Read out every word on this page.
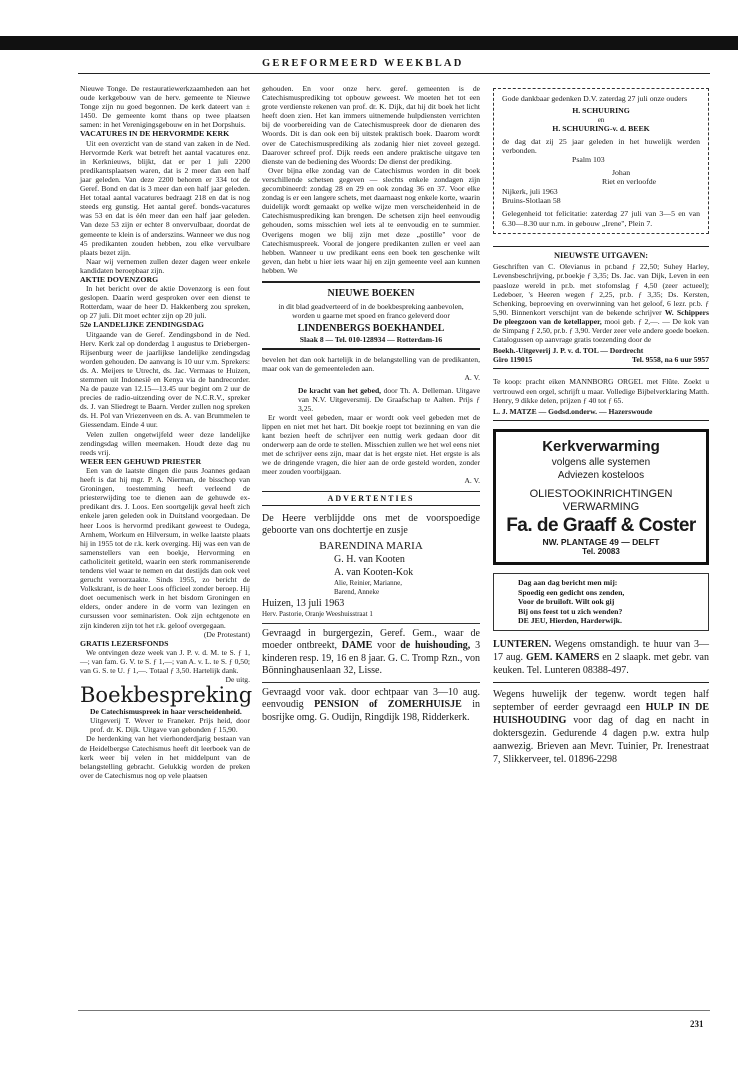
GEREFORMEERD WEEKBLAD

Nieuwe Tonge. De restauratiewerkzaamheden aan het oude kerkgebouw van de herv. gemeente te Nieuwe Tonge zijn nu goed begonnen. De kerk dateert van ± 1450. De gemeente komt thans op twee plaatsen samen: in het Verenigingsgebouw en in het Dorpshuis.

VACATURES IN DE HERVORMDE KERK

Uit een overzicht van de stand van zaken in de Ned. Hervormde Kerk wat betreft het aantal vacatures enz. in Kerknieuws, blijkt, dat er per 1 juli 2200 predikantsplaatsen waren, dat is 2 meer dan een half jaar geleden. Van deze 2200 behoren er 334 tot de Geref. Bond en dat is 3 meer dan een half jaar geleden. Het totaal aantal vacatures bedraagt 218 en dat is nog steeds erg gunstig. Het aantal geref. bonds-vacatures was 53 en dat is één meer dan een half jaar geleden. Van deze 53 zijn er echter 8 onvervulbaar, doordat de gemeente te klein is of anderszins. Wanneer we dus nog 45 predikanten zouden hebben, zou elke vervulbare plaats bezet zijn.

Naar wij vernemen zullen dezer dagen weer enkele kandidaten beroepbaar zijn.

AKTIE DOVENZORG

In het bericht over de aktie Dovenzorg is een fout geslopen. Daarin werd gesproken over een dienst te Rotterdam, waar de heer D. Hakkenberg zou spreken, op 27 juli. Dit moet echter zijn op 20 juli.

52e LANDELIJKE ZENDINGSDAG

Uitgaande van de Geref. Zendingsbond in de Ned. Herv. Kerk zal op donderdag 1 augustus te Driebergen-Rijsenburg weer de jaarlijkse landelijke zendingsdag worden gehouden. De aanvang is 10 uur v.m. Sprekers: ds. A. Meijers te Utrecht, ds. Jac. Vermaas te Huizen, stemmen uit Indonesië en Kenya via de bandrecorder. Na de pauze van 12.15—13.45 uur begint om 2 uur de precies de radio-uitzending over de N.C.R.V., spreker ds. J. van Sliedregt te Baarn. Verder zullen nog spreken ds. H. Pol van Vriezenveen en ds. A. van Brummelen te Giessendam. Einde 4 uur.

Velen zullen ongetwijfeld weer deze landelijke zendingsdag willen meemaken. Houdt deze dag nu reeds vrij.

WEER EEN GEHUWD PRIESTER

Een van de laatste dingen die paus Joannes gedaan heeft is dat hij mgr. P. A. Nierman, de bisschop van Groningen, toestemming heeft verleend de priesterwijding toe te dienen aan de gehuwde ex-predikant drs. J. Loos. Een soortgelijk geval heeft zich enkele jaren geleden ook in Duitsland voorgedaan. De heer Loos is hervormd predikant geweest te Oudega, Arnhem, Workum en Hilversum, in welke laatste plaats hij in 1955 tot de r.k. kerk overging. Hij was een van de samenstellers van een boekje, Hervorming en catholiciteit getiteld, waarin een sterk rommaniserende tendens viel waar te nemen en dat destijds dan ook veel gerucht veroorzaakte. Sinds 1955, zo bericht de Volkskrant, is de heer Loos officieel zonder beroep. Hij doet oecumenisch werk in het bisdom Groningen en elders, onder andere in de vorm van lezingen en cursussen voor seminaristen. Ook zijn echtgenote en zijn kinderen zijn tot het r.k. geloof overgegaan.

(De Protestant)

GRATIS LEZERSFONDS

We ontvingen deze week van J. P. v. d. M. te S. ƒ 1,—; van fam. G. V. te S. ƒ 1,—; van A. v. L. te S. ƒ 0,50; van G. S. te U. ƒ 1,—. Totaal ƒ 3,50. Hartelijk dank.

De uitg.

Boekbespreking

De Catechismuspreek in haar verscheidenheid.

Uitgeverij T. Wever te Franeker. Prijs heid, door prof. dr. K. Dijk. Uitgave van gebonden ƒ 15,90.

De herdenking van het vierhonderdjarig bestaan van de Heidelbergse Catechismus heeft dit leerboek van de kerk weer bij velen in het middelpunt van de belangstelling gebracht. Gelukkig worden de preken over de Catechismus nog op vele plaatsen

gehouden. En voor onze herv. geref. gemeenten is de Catechismusprediking tot opbouw geweest. We moeten het tot een grote verdienste rekenen van prof. dr. K. Dijk, dat hij dit boek het licht heeft doen zien. Het kan immers uitnemende hulpdiensten verrichten bij de voorbereiding van de Catechismuspreek door de dienaren des Woords. Dit is dan ook een bij uitstek praktisch boek. Daarom wordt over de Catechismusprediking als zodanig hier niet zoveel gezegd. Daarover schreef prof. Dijk reeds een andere praktische uitgave ten dienste van de bediening des Woords: De dienst der prediking.

Over bijna elke zondag van de Catechismus worden in dit boek verschillende schetsen gegeven — slechts enkele zondagen zijn gecombineerd: zondag 28 en 29 en ook zondag 36 en 37. Voor elke zondag is er een langere schets, met daarnaast nog enkele korte, waarin duidelijk wordt gemaakt op welke wijze men verscheidenheid in de Catechismusprediking kan brengen. De schetsen zijn heel eenvoudig gehouden, soms misschien wel iets al te eenvoudig en te summier. Overigens mogen we blij zijn met deze „postille" voor de Catechismuspreek. Vooral de jongere predikanten zullen er veel aan hebben. Wanneer u uw predikant eens een boek ten geschenke wilt geven, dan hebt u hier iets waar hij en zijn gemeente veel aan kunnen hebben. We

NIEUWE BOEKEN
in dit blad geadverteerd of in de boekbespreking aanbevolen, worden u gaarne met spoed en franco geleverd door
LINDENBERGS BOEKHANDEL
Slaak 8 — Tel. 010-128934 — Rotterdam-16

bevelen het dan ook hartelijk in de belangstelling van de predikanten, maar ook van de gemeenteleden aan.

A. V.

De kracht van het gebed, door Th. A. Delleman. Uitgave van N.V. Uitgeversmij. De Graafschap te Aalten. Prijs ƒ 3,25.

Er wordt veel gebeden, maar er wordt ook veel gebeden met de lippen en niet met het hart. Dit boekje roept tot bezinning en van die kant bezien heeft de schrijver een nuttig werk gedaan door dit onderwerp aan de orde te stellen. Misschien zullen we het wel eens niet met de schrijver eens zijn, maar dat is het ergste niet. Het ergste is als we de dringende vragen, die hier aan de orde gesteld worden, zonder meer zouden voorbijgaan.

A. V.

ADVERTENTIES
De Heere verblijdde ons met de voorspoedige geboorte van ons dochtertje en zusje
BARENDINA MARIA
G. H. van Kooten
A. van Kooten-Kok
Alie, Reinier, Marianne,
Barend, Anneke
Huizen, 13 juli 1963
Herv. Pastorie, Oranje Weeshuisstraat 1
Gevraagd in burgergezin, Geref. Gem., waar de moeder ontbreekt, DAME voor de huishouding, 3 kinderen resp. 19, 16 en 8 jaar. G. C. Tromp Rzn., von Bönninghausenlaan 32, Lisse.
Gevraagd voor vak. door echtpaar van 3—10 aug. eenvoudig PENSION of ZOMERHUISJE in bosrijke omg. G. Oudijn, Ringdijk 198, Ridderkerk.
Gode dankbaar gedenken D.V. zaterdag 27 juli onze ouders
H. SCHUURING
en
H. SCHUURING-v. d. BEEK
de dag dat zij 25 jaar geleden in het huwelijk werden verbonden.
Psalm 103
Johan
Riet en verloofde
Nijkerk, juli 1963
Bruins-Slotlaan 58
Gelegenheid tot felicitatie: zaterdag 27 juli van 3—5 en van 6.30—8.30 uur n.m. in gebouw „Irene", Plein 7.
NIEUWSTE UITGAVEN:
Geschriften van C. Olevianus in pr.band ƒ 22,50; Suhey Harley, Levensbeschrijving, pr.boekje ƒ 3,35; Ds. Jac. van Dijk, Leven in een paasloze wereld in pr.b. met stofomslag ƒ 4,50 (zeer actueel); Ledeboer, 's Heeren wegen ƒ 2,25, pr.b. ƒ 3,35; Ds. Kersten, Schenking, beproeving en overwinning van het geloof, 6 lezr. pr.b. ƒ 5,90. Binnenkort verschijnt van de bekende schrijver W. Schippers De pleegzoon van de ketellapper, mooi geb. ƒ 2,—. — De kok van de Simpang ƒ 2,50, pr.b. ƒ 3,90. Verder zeer vele andere goede boeken. Catalogussen op aanvrage gratis toezending door de
Boekh.-Uitgeverij J. P. v. d. TOL — Dordrecht
Giro 119015	Tel. 9558, na 6 uur 5957
Te koop: pracht eiken MANNBORG ORGEL met Flûte. Zoekt u vertrouwd een orgel, schrijft u maar. Volledige Bijbelverklaring Matth. Henry, 9 dikke delen, prijzen ƒ 40 tot ƒ 65.
L. J. MATZE — Godsd.onderw. — Hazerswoude
Kerkverwarming
volgens alle systemen
Adviezen kosteloos
OLIESTOOKINRICHTINGEN
VERWARMING
Fa. de Graaff & Coster
NW. PLANTAGE 49 — DELFT
Tel. 20083
Dag aan dag bericht men mij:
Spoedig een gedicht ons zenden,
Voor de bruiloft. Wilt ook gij
Bij ons feest tot u zich wenden?
DE JEU, Hierden, Harderwijk.
LUNTEREN. Wegens omstandigh. te huur van 3—17 aug. GEM. KAMERS en 2 slaapk. met gebr. van keuken. Tel. Lunteren 08388-497.
Wegens huwelijk der tegenw. wordt tegen half september of eerder gevraagd een HULP IN DE HUISHOUDING voor dag of dag en nacht in doktersgezin. Gedurende 4 dagen p.w. extra hulp aanwezig. Brieven aan Mevr. Tuinier, Pr. Irenestraat 7, Slikkerveer, tel. 01896-2298
231
